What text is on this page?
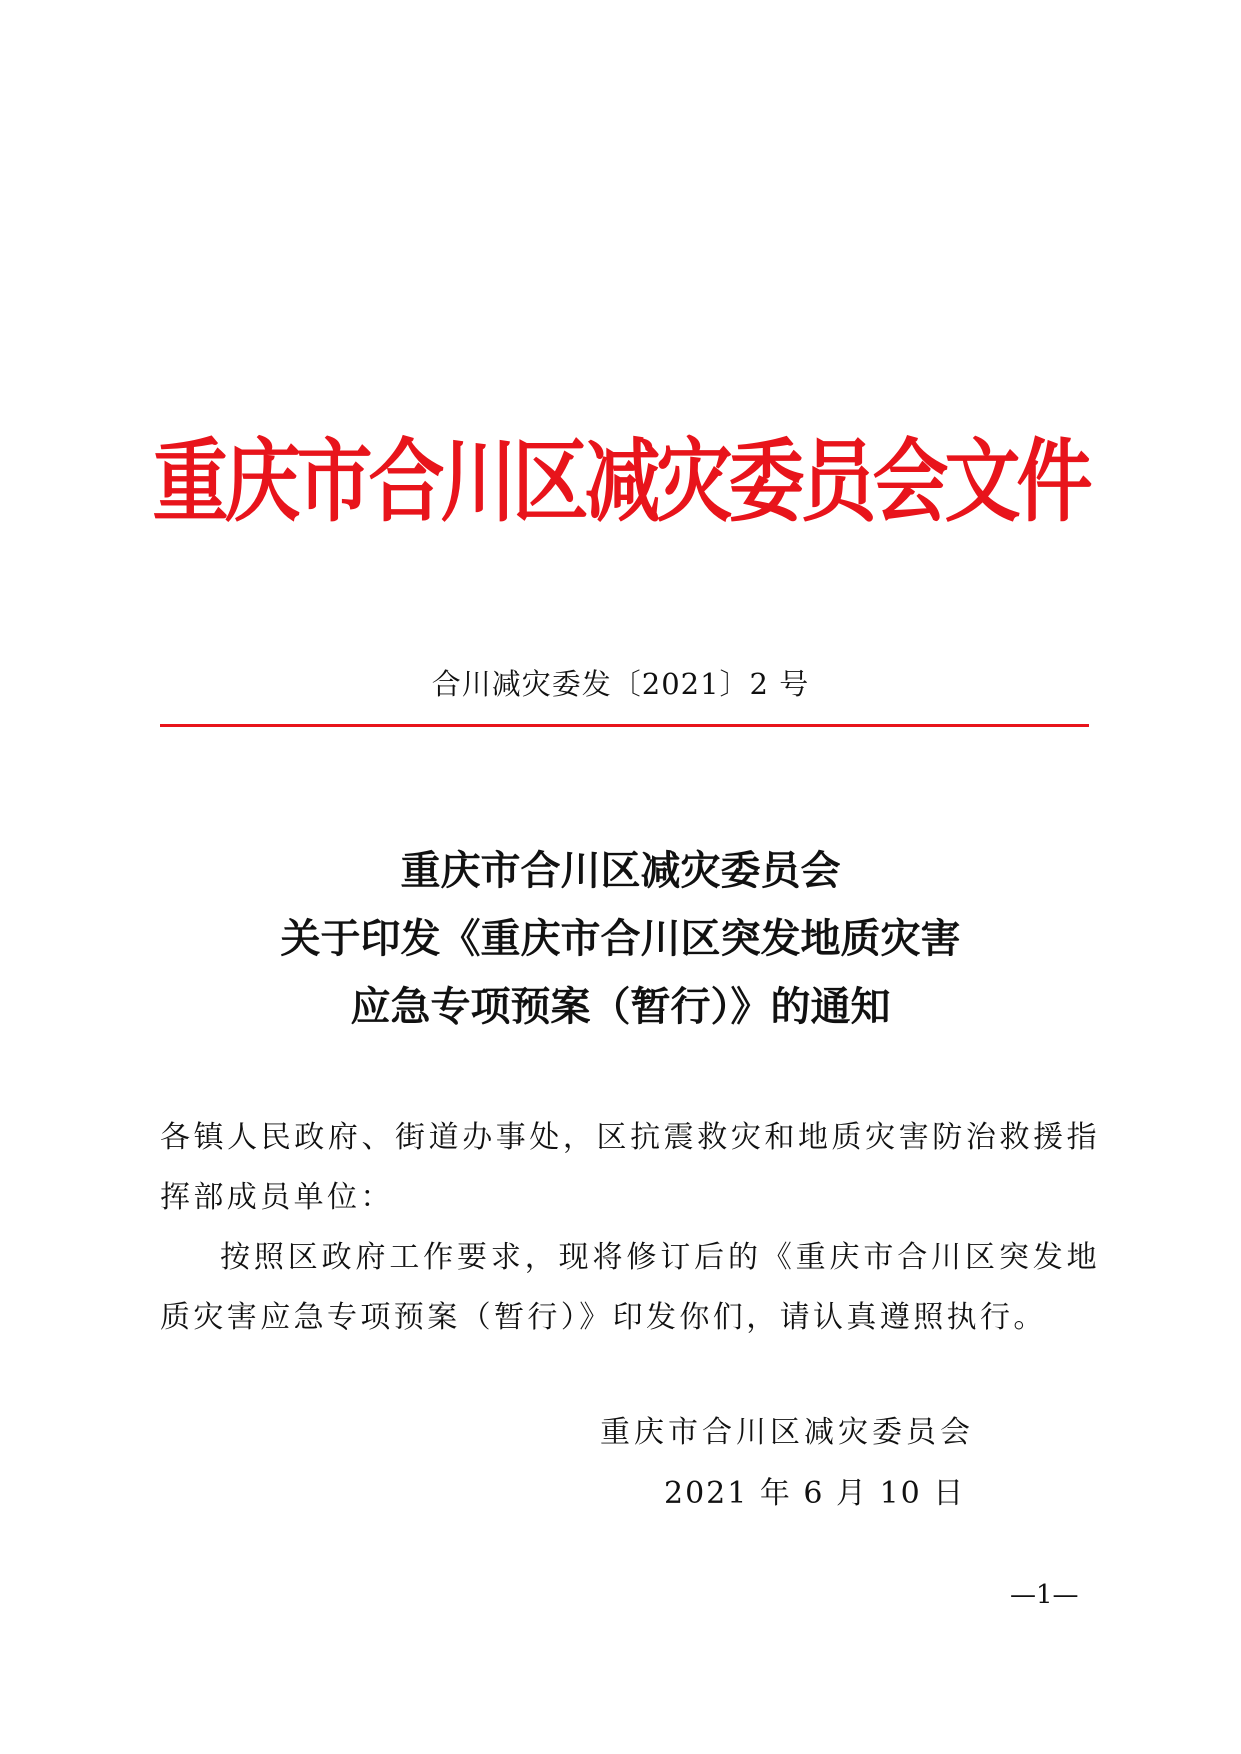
重庆市合川区减灾委员会文件
合川减灾委发〔2021〕2 号
重庆市合川区减灾委员会
关于印发《重庆市合川区突发地质灾害
应急专项预案（暂行）》的通知

各镇人民政府、街道办事处，区抗震救灾和地质灾害防治救援指挥部成员单位：

按照区政府工作要求，现将修订后的《重庆市合川区突发地质灾害应急专项预案（暂行）》印发你们，请认真遵照执行。

重庆市合川区减灾委员会
2021 年 6 月 10 日
—1—
